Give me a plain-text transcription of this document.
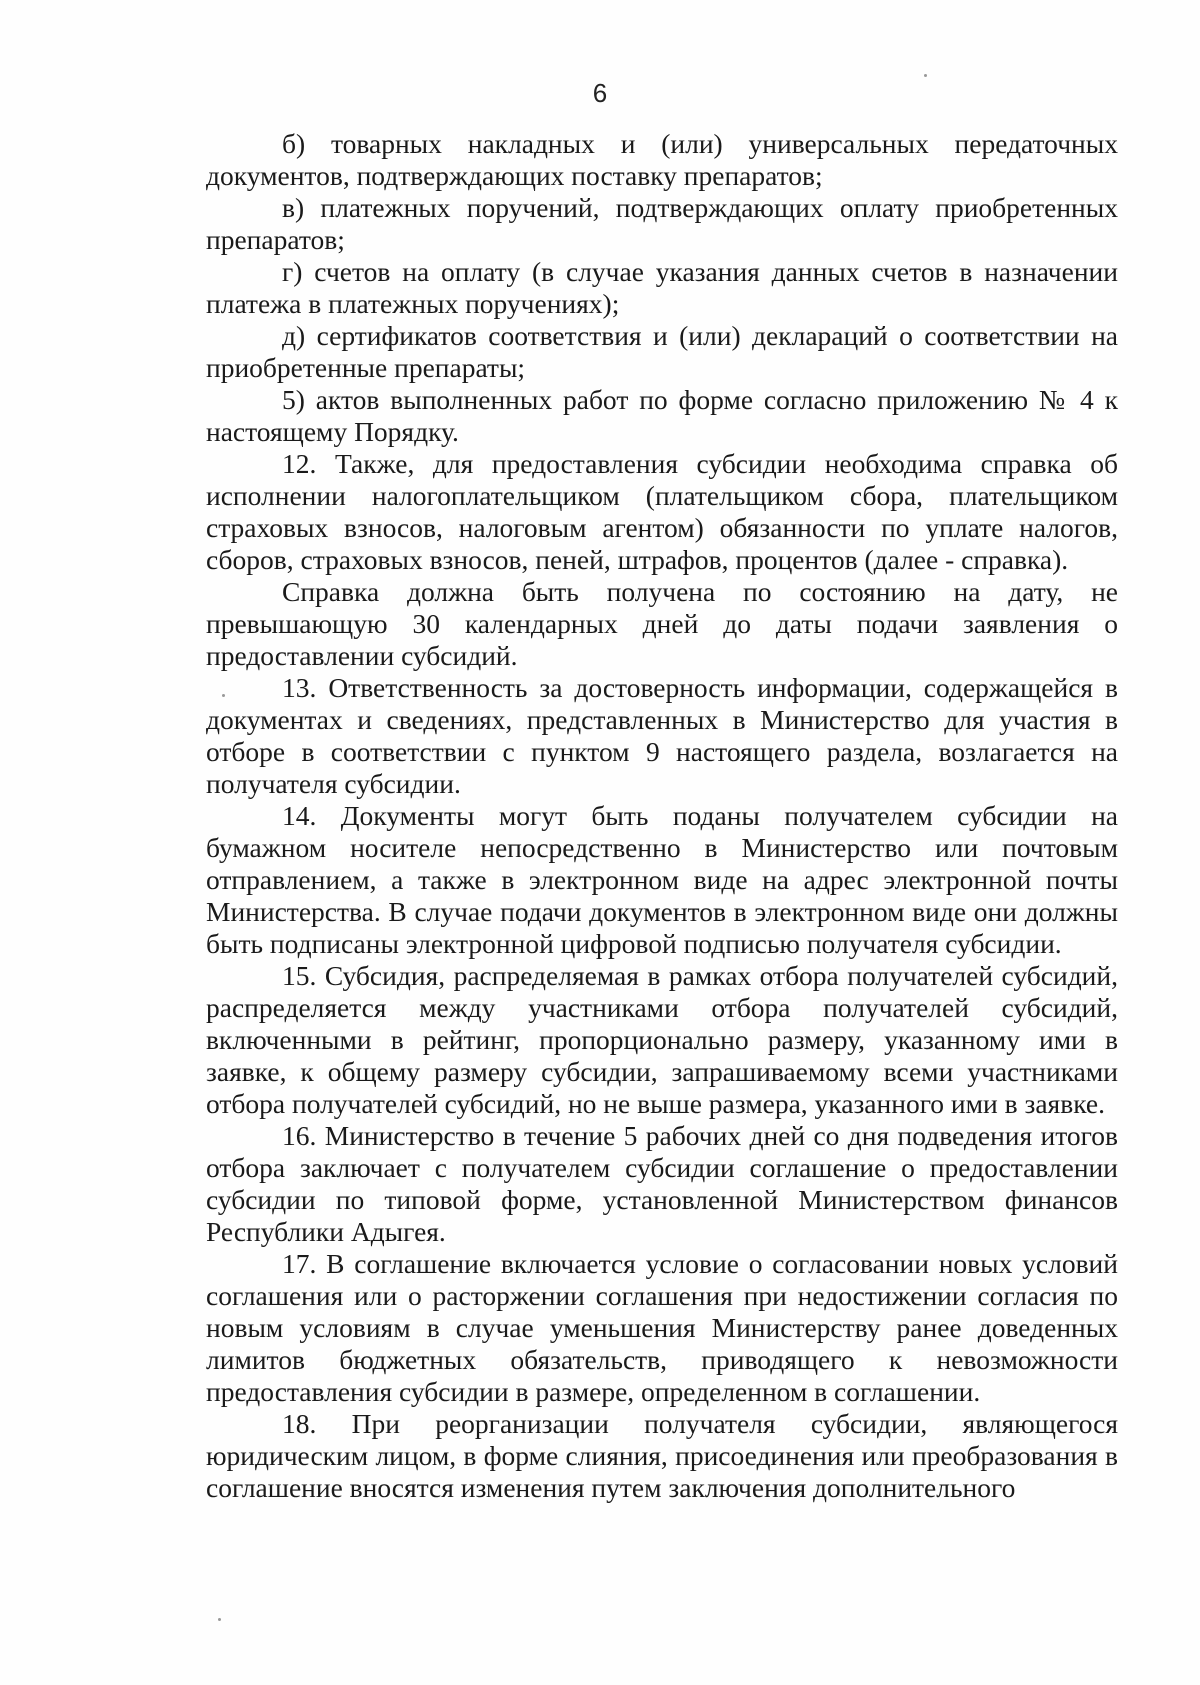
6

б) товарных накладных и (или) универсальных передаточных документов, подтверждающих поставку препаратов;

в) платежных поручений, подтверждающих оплату приобретенных препаратов;

г) счетов на оплату (в случае указания данных счетов в назначении платежа в платежных поручениях);

д) сертификатов соответствия и (или) деклараций о соответствии на приобретенные препараты;

5) актов выполненных работ по форме согласно приложению № 4 к настоящему Порядку.

12. Также, для предоставления субсидии необходима справка об исполнении налогоплательщиком (плательщиком сбора, плательщиком страховых взносов, налоговым агентом) обязанности по уплате налогов, сборов, страховых взносов, пеней, штрафов, процентов (далее - справка).

Справка должна быть получена по состоянию на дату, не превышающую 30 календарных дней до даты подачи заявления о предоставлении субсидий.

13. Ответственность за достоверность информации, содержащейся в документах и сведениях, представленных в Министерство для участия в отборе в соответствии с пунктом 9 настоящего раздела, возлагается на получателя субсидии.

14. Документы могут быть поданы получателем субсидии на бумажном носителе непосредственно в Министерство или почтовым отправлением, а также в электронном виде на адрес электронной почты Министерства. В случае подачи документов в электронном виде они должны быть подписаны электронной цифровой подписью получателя субсидии.

15. Субсидия, распределяемая в рамках отбора получателей субсидий, распределяется между участниками отбора получателей субсидий, включенными в рейтинг, пропорционально размеру, указанному ими в заявке, к общему размеру субсидии, запрашиваемому всеми участниками отбора получателей субсидий, но не выше размера, указанного ими в заявке.

16. Министерство в течение 5 рабочих дней со дня подведения итогов отбора заключает с получателем субсидии соглашение о предоставлении субсидии по типовой форме, установленной Министерством финансов Республики Адыгея.

17. В соглашение включается условие о согласовании новых условий соглашения или о расторжении соглашения при недостижении согласия по новым условиям в случае уменьшения Министерству ранее доведенных лимитов бюджетных обязательств, приводящего к невозможности предоставления субсидии в размере, определенном в соглашении.

18. При реорганизации получателя субсидии, являющегося юридическим лицом, в форме слияния, присоединения или преобразования в соглашение вносятся изменения путем заключения дополнительного
